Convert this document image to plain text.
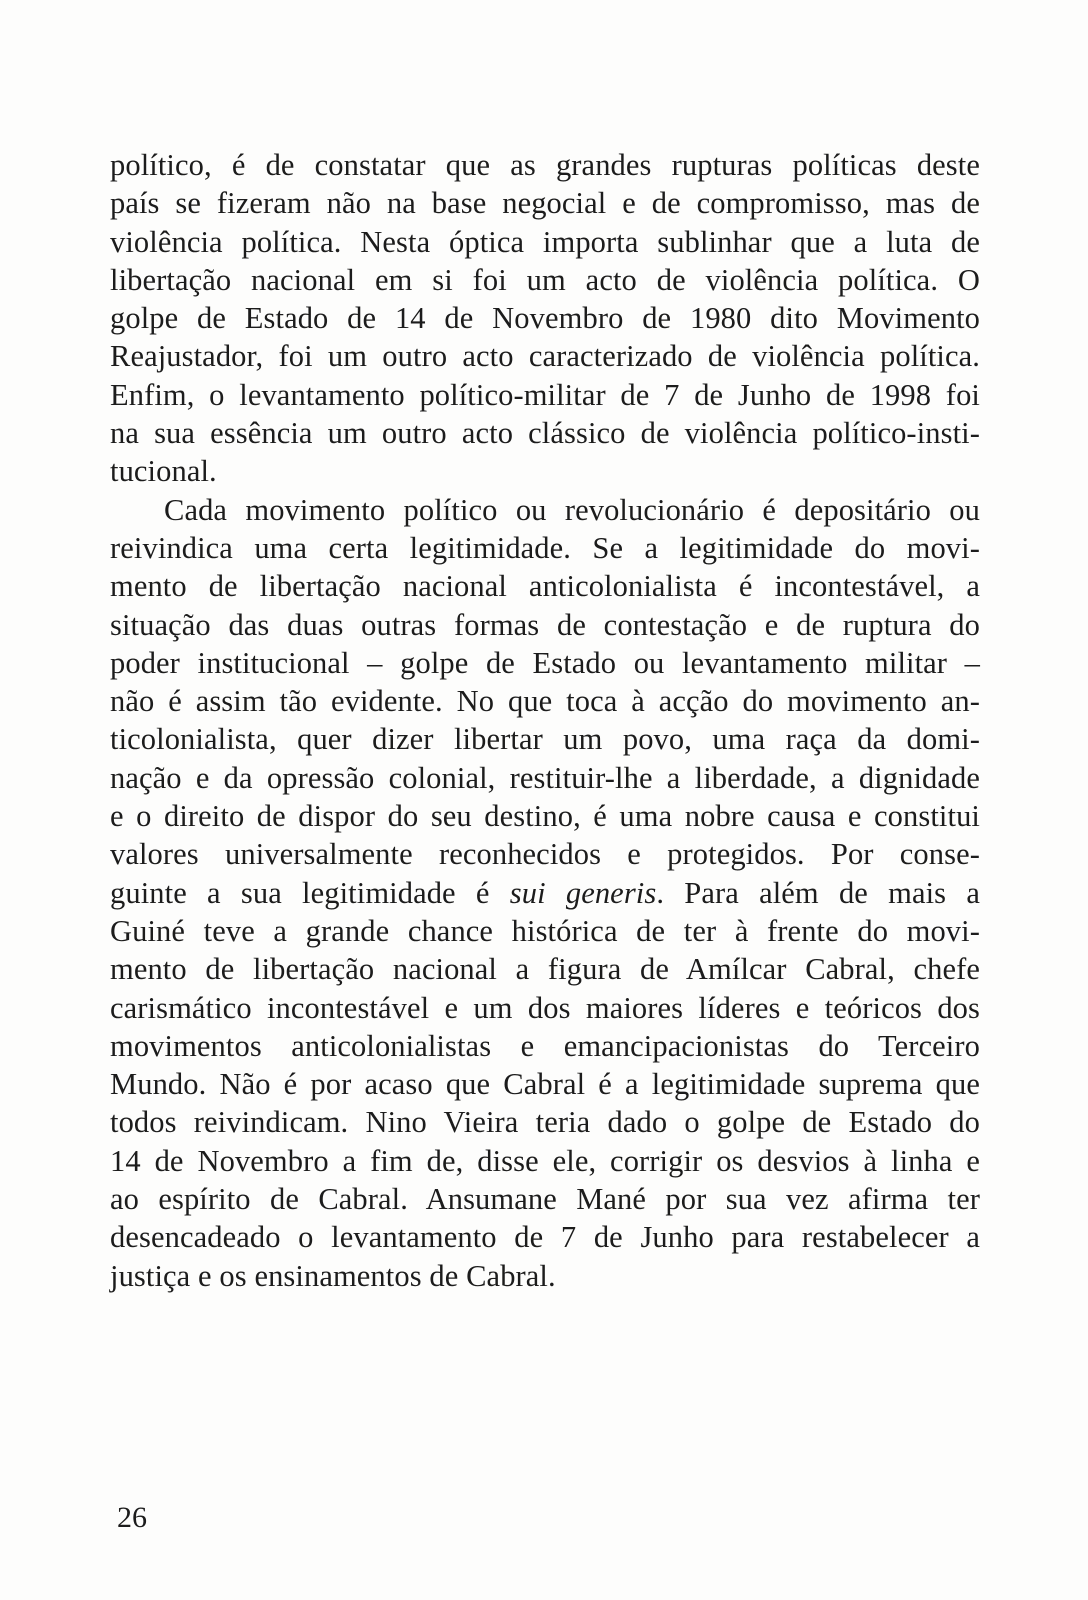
político, é de constatar que as grandes rupturas políticas deste
país se fizeram não na base negocial e de compromisso, mas de
violência política. Nesta óptica importa sublinhar que a luta de
libertação nacional em si foi um acto de violência política. O
golpe de Estado de 14 de Novembro de 1980 dito Movimento
Reajustador, foi um outro acto caracterizado de violência política.
Enfim, o levantamento político-militar de 7 de Junho de 1998 foi
na sua essência um outro acto clássico de violência político-insti-
tucional.
Cada movimento político ou revolucionário é depositário ou
reivindica uma certa legitimidade. Se a legitimidade do movi-
mento de libertação nacional anticolonialista é incontestável, a
situação das duas outras formas de contestação e de ruptura do
poder institucional – golpe de Estado ou levantamento militar –
não é assim tão evidente. No que toca à acção do movimento an-
ticolonialista, quer dizer libertar um povo, uma raça da domi-
nação e da opressão colonial, restituir-lhe a liberdade, a dignidade
e o direito de dispor do seu destino, é uma nobre causa e constitui
valores universalmente reconhecidos e protegidos. Por conse-
guinte a sua legitimidade é sui generis. Para além de mais a
Guiné teve a grande chance histórica de ter à frente do movi-
mento de libertação nacional a figura de Amílcar Cabral, chefe
carismático incontestável e um dos maiores líderes e teóricos dos
movimentos anticolonialistas e emancipacionistas do Terceiro
Mundo. Não é por acaso que Cabral é a legitimidade suprema que
todos reivindicam. Nino Vieira teria dado o golpe de Estado do
14 de Novembro a fim de, disse ele, corrigir os desvios à linha e
ao espírito de Cabral. Ansumane Mané por sua vez afirma ter
desencadeado o levantamento de 7 de Junho para restabelecer a
justiça e os ensinamentos de Cabral.
26
